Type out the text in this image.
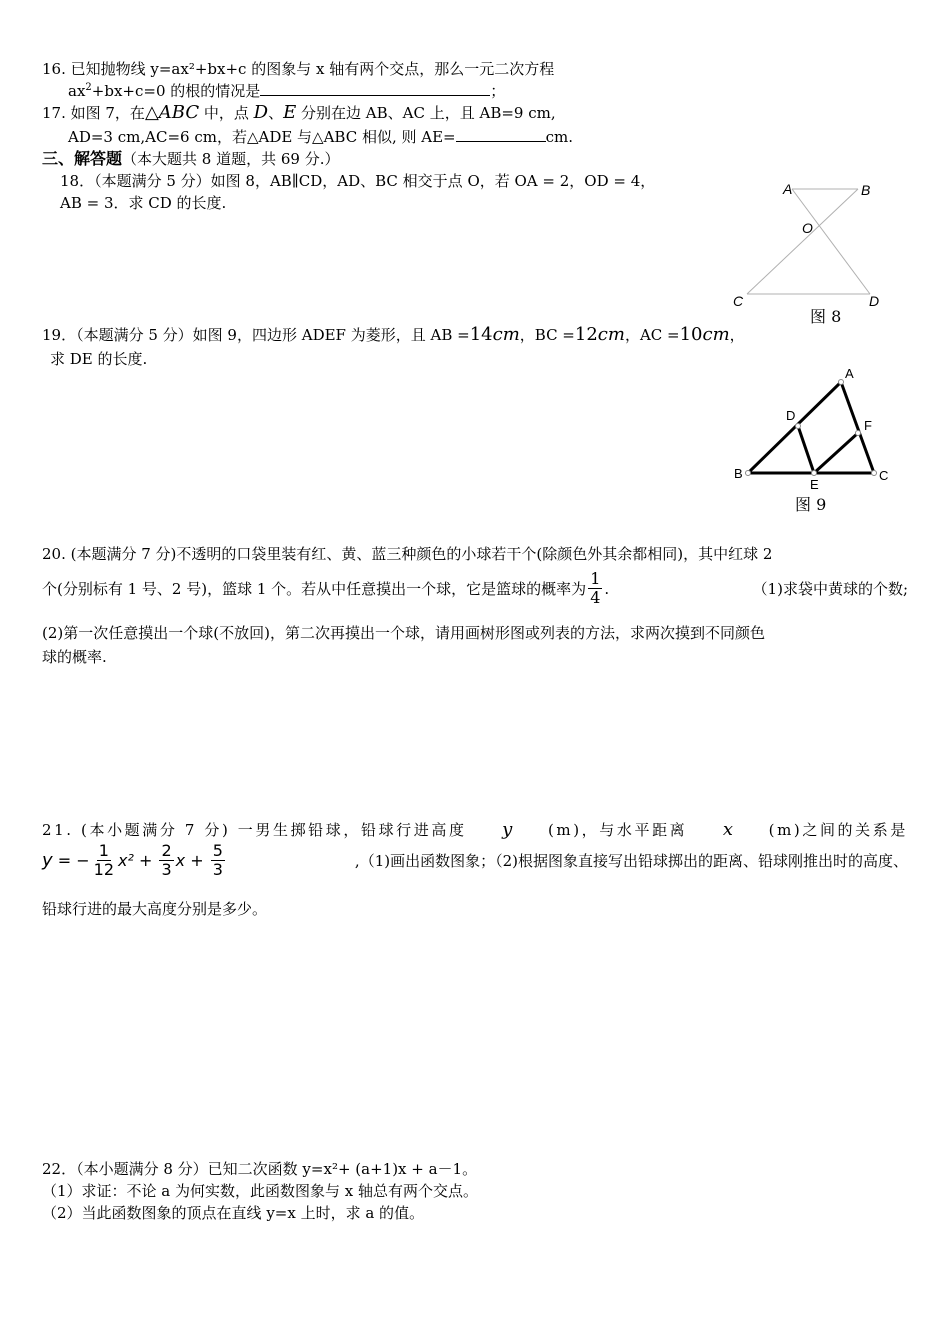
16. 已知抛物线 y=ax²+bx+c 的图象与 x 轴有两个交点，那么一元二次方程
$ax^2+bx+c=0$ 的根的情况是	；
17. 如图 7，在△ABC 中，点 D、E 分别在边 AB、AC 上，且 AB=9 cm,
AD=3 cm,AC=6 cm，若△ADE 与△ABC 相似, 则 AE=	cm.
三、解答题（本大题共 8 道题，共 69 分.）
18．（本题满分 5 分）如图 8，AB∥CD，AD、BC 相交于点 O，若 OA = 2，OD = 4，
AB = 3．求 CD 的长度.
A	B
O
C	D
图 8
19．（本题满分 5 分）如图 9，四边形 ADEF 为菱形，且 AB =14cm，BC =12cm，AC =10cm，
求 DE 的长度.
A
D
F
B
E
C
图 9
20. (本题满分 7 分)不透明的口袋里装有红、黄、蓝三种颜色的小球若干个(除颜色外其余都相同)，其中红球 2
个(分别标有 1 号、2 号)，篮球 1 个。若从中任意摸出一个球，它是篮球的概率为 $\frac{1}{4}$ .	（1)求袋中黄球的个数;
(2)第一次任意摸出一个球(不放回)，第二次再摸出一个球，请用画树形图或列表的方法，求两次摸到不同颜色
球的概率.
21. (本小题满分 7 分) 一男生掷铅球，铅球行进高度 y (m)，与水平距离 x (m)之间的关系是
y = − $\frac{1}{12} x^2 + \frac{2}{3}$ $x + \frac{5}{3}$	,（1)画出函数图象；（2)根据图象直接写出铅球掷出的距离、铅球刚推出时的高度、
铅球行进的最大高度分别是多少。
22．（本小题满分 8 分）已知二次函数 y=x²+ (a+1)x + a－1。
（1）求证：不论 a 为何实数，此函数图象与 x 轴总有两个交点。
（2）当此函数图象的顶点在直线 y=x 上时，求 a 的值。
